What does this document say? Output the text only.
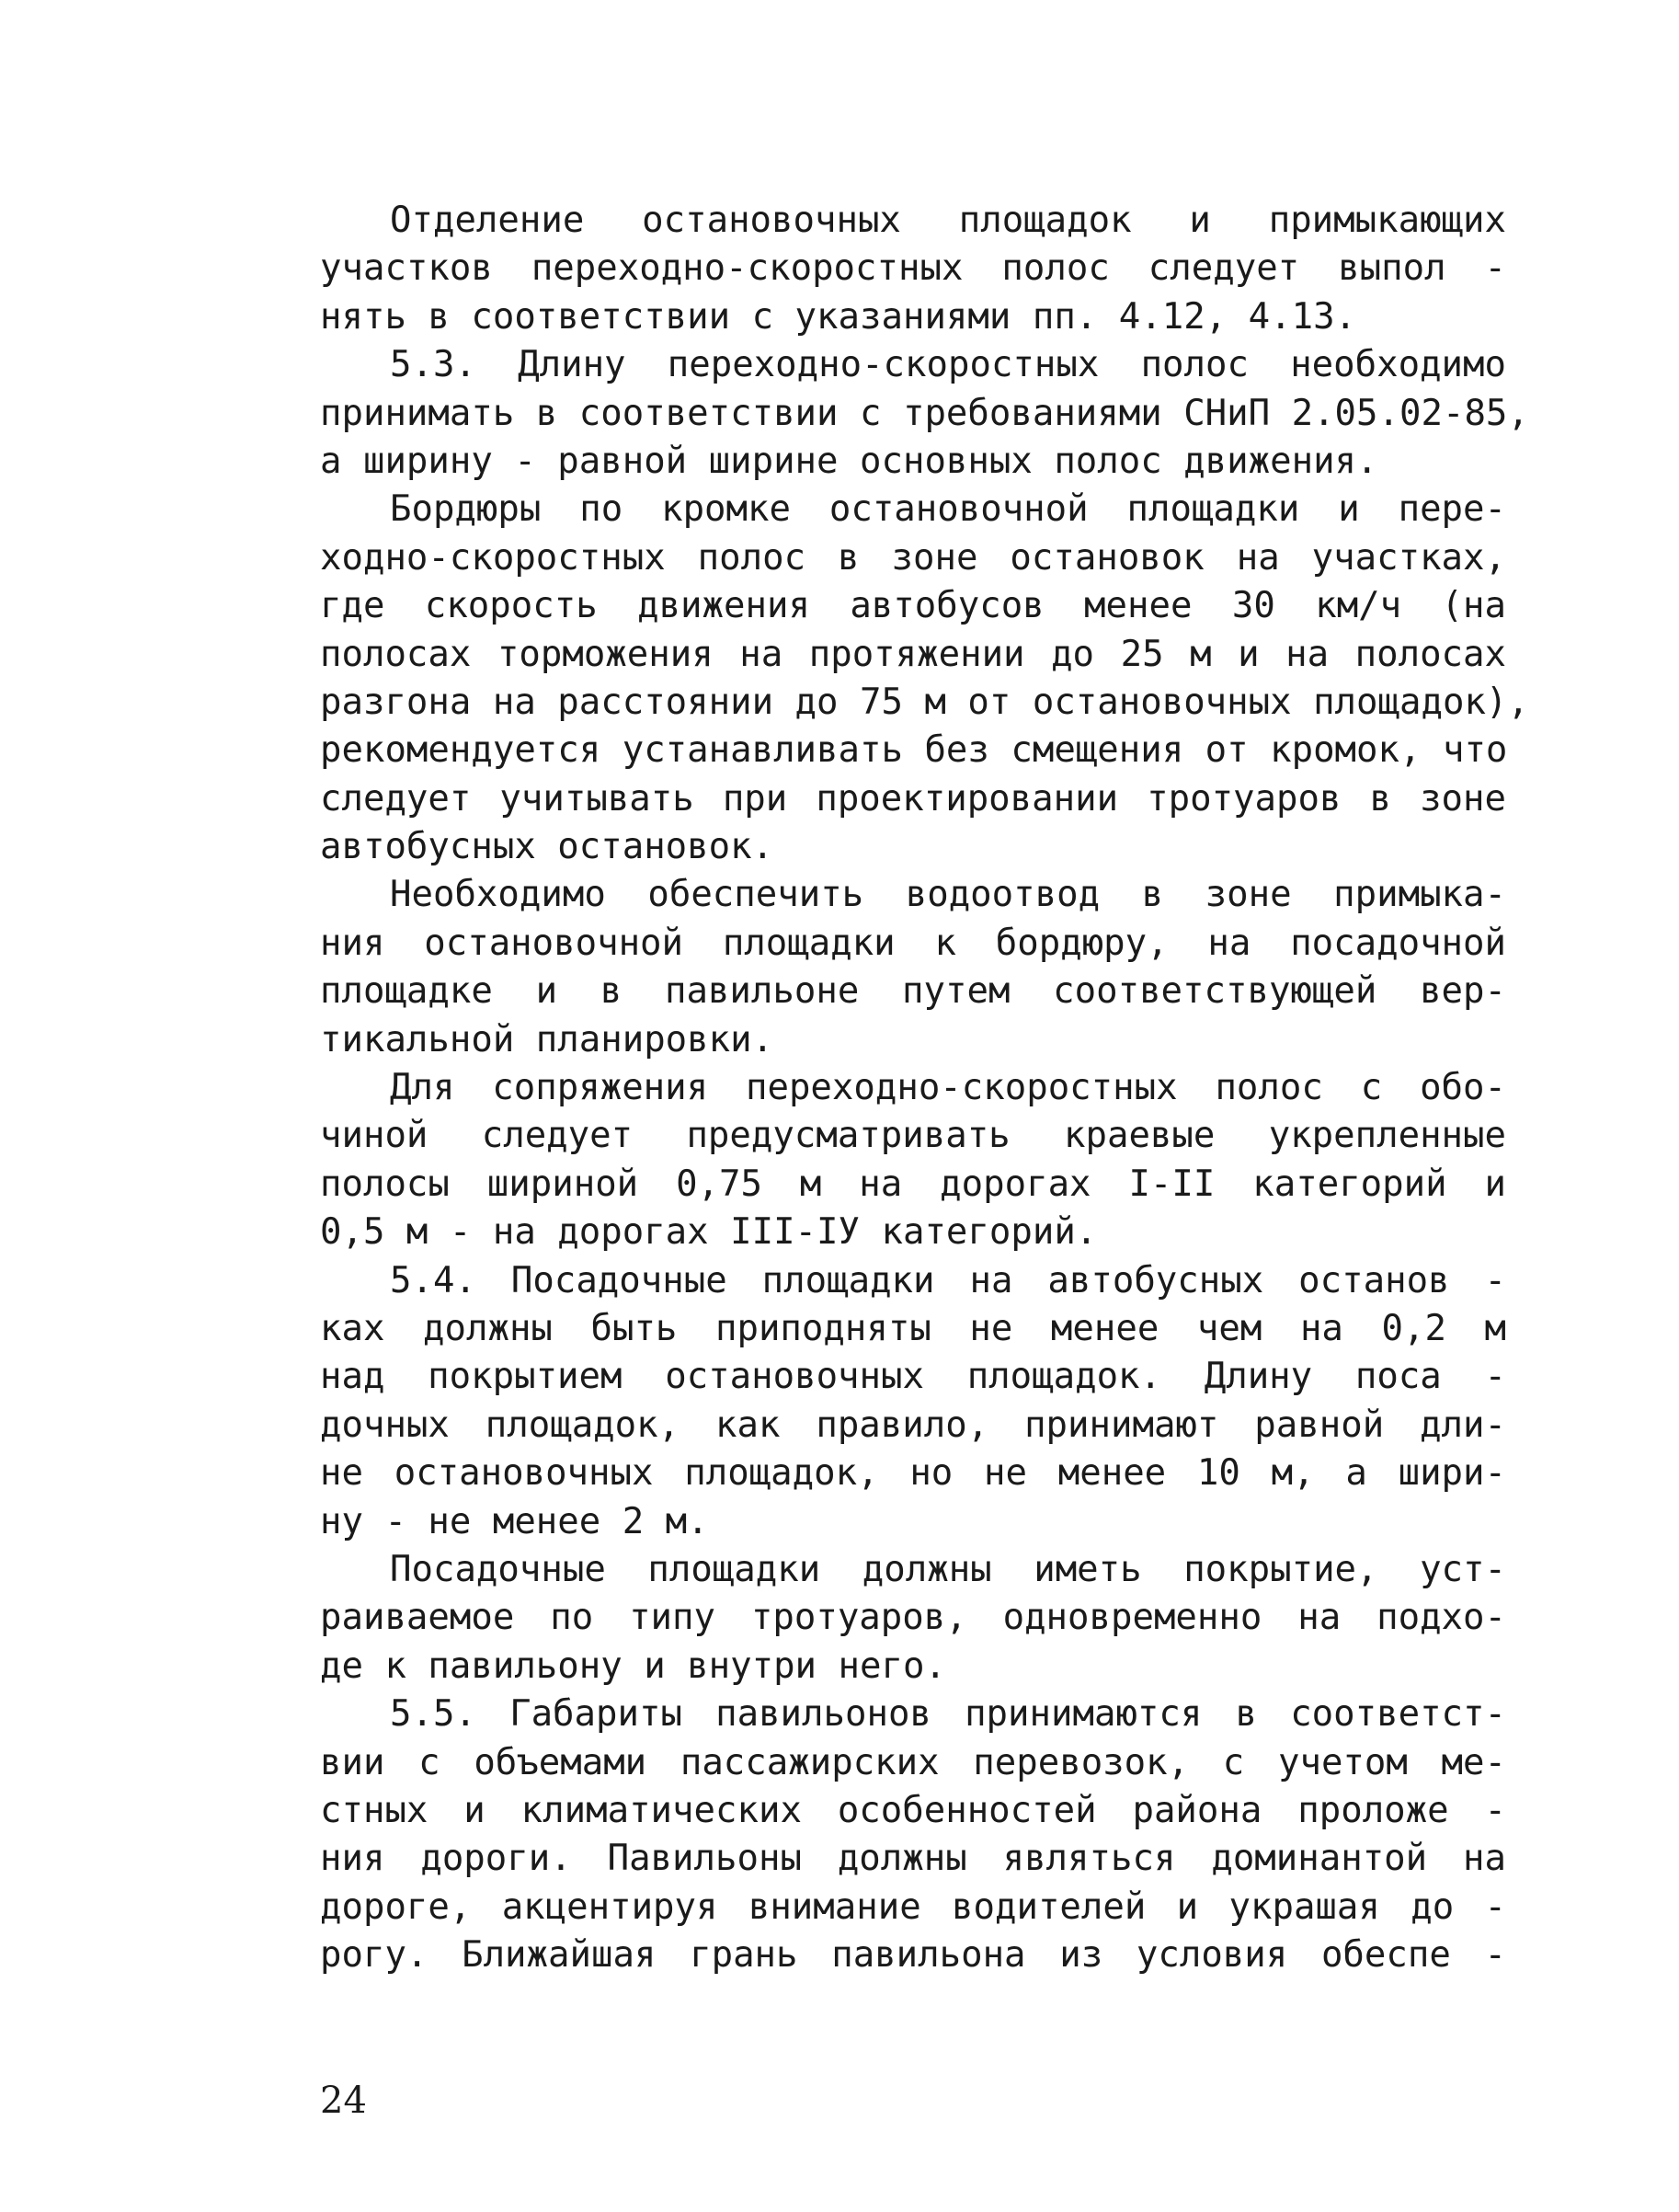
Отделение остановочных площадок и примыкающих
участков переходно-скоростных полос следует выпол -
нять в соответствии с указаниями пп. 4.12, 4.13.
5.3. Длину переходно-скоростных полос необходимо
принимать в соответствии с требованиями СНиП 2.05.02-85,
а ширину - равной ширине основных полос движения.
Бордюры по кромке остановочной площадки и пере-
ходно-скоростных полос в зоне остановок на участках,
где скорость движения автобусов менее 30 км/ч (на
полосах торможения на протяжении до 25 м и на полосах
разгона на расстоянии до 75 м от остановочных площадок),
рекомендуется устанавливать без смещения от кромок, что
следует учитывать при проектировании тротуаров в зоне
автобусных остановок.
Необходимо обеспечить водоотвод в зоне примыка-
ния остановочной площадки к бордюру, на посадочной
площадке и в павильоне путем соответствующей вер-
тикальной планировки.
Для сопряжения переходно-скоростных полос с обо-
чиной следует предусматривать краевые укрепленные
полосы шириной 0,75 м на дорогах I-II категорий и
0,5 м - на дорогах III-IУ категорий.
5.4. Посадочные площадки на автобусных останов -
ках должны быть приподняты не менее чем на 0,2 м
над покрытием остановочных площадок. Длину поса -
дочных площадок, как правило, принимают равной дли-
не остановочных площадок, но не менее 10 м, а шири-
ну - не менее 2 м.
Посадочные площадки должны иметь покрытие, уст-
раиваемое по типу тротуаров, одновременно на подхо-
де к павильону и внутри него.
5.5. Габариты павильонов принимаются в соответст-
вии с объемами пассажирских перевозок, с учетом ме-
стных и климатических особенностей района проложе -
ния дороги. Павильоны должны являться доминантой на
дороге, акцентируя внимание водителей и украшая до -
рогу. Ближайшая грань павильона из условия обеспе -
24
